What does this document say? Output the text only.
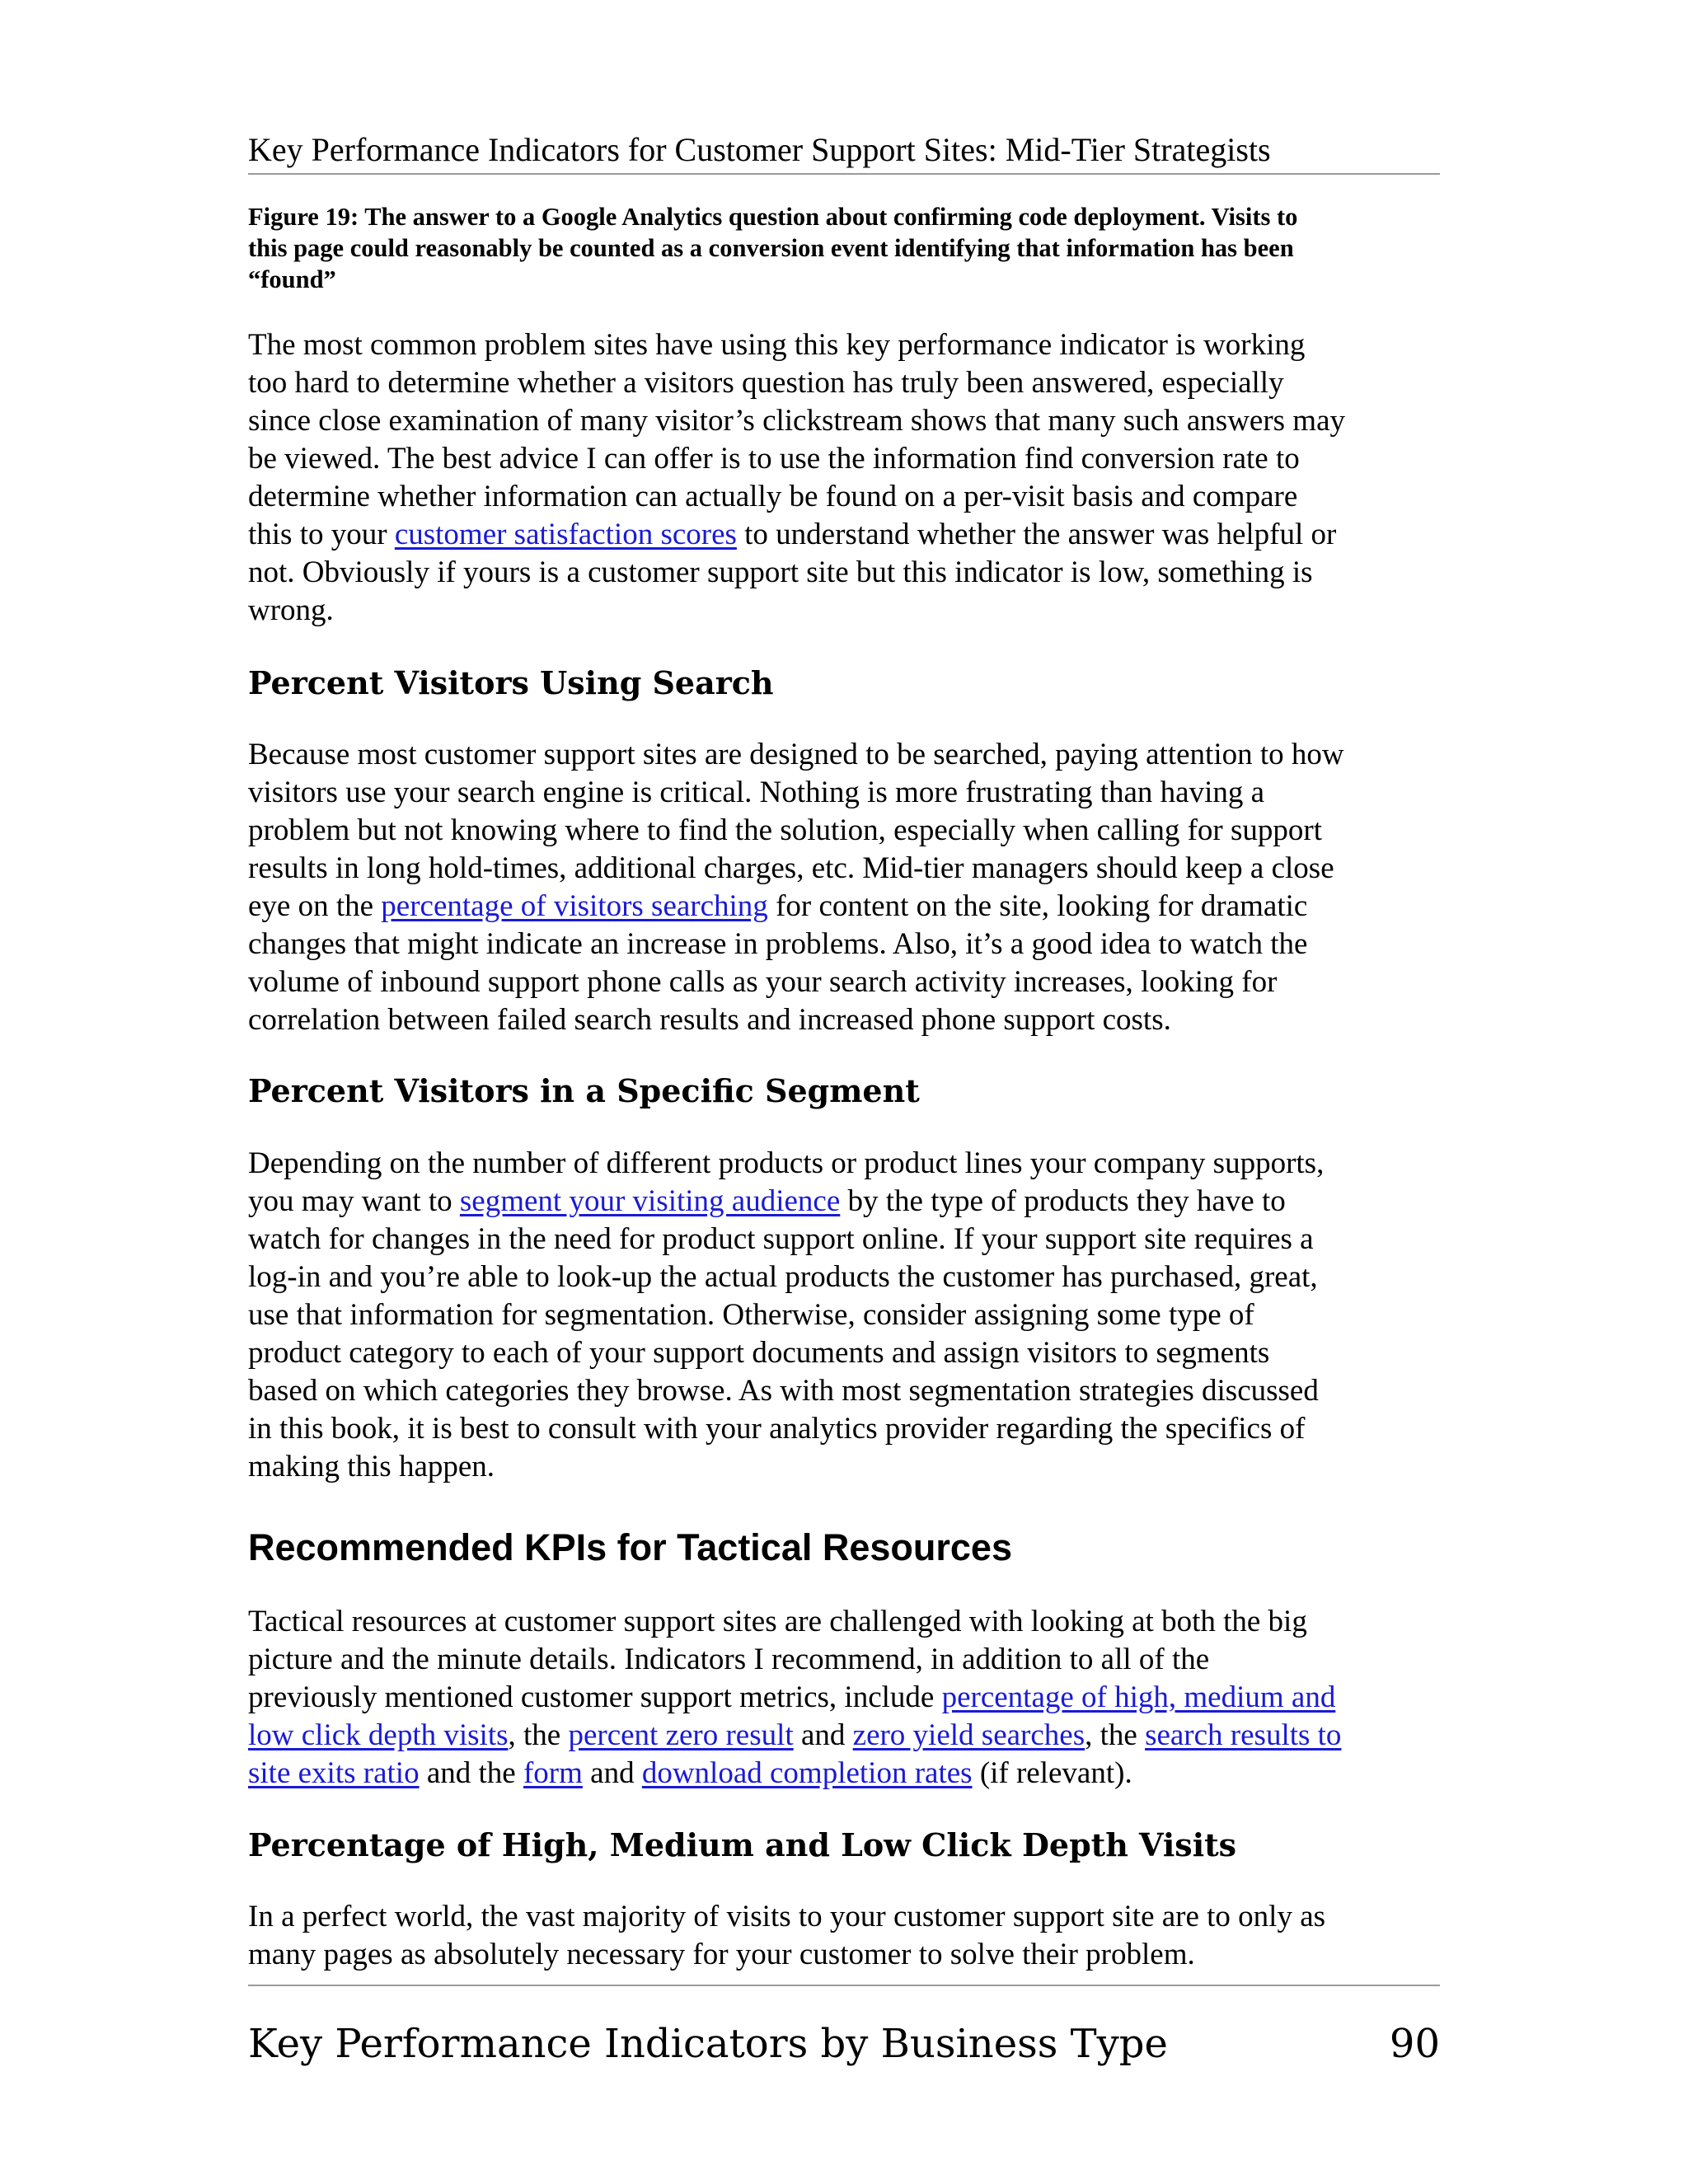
Key Performance Indicators for Customer Support Sites: Mid-Tier Strategists

Figure 19: The answer to a Google Analytics question about confirming code deployment. Visits to

this page could reasonably be counted as a conversion event identifying that information has been

“found”

The most common problem sites have using this key performance indicator is working
too hard to determine whether a visitors question has truly been answered, especially
since close examination of many visitor’s clickstream shows that many such answers may
be viewed. The best advice I can offer is to use the information find conversion rate to
determine whether information can actually be found on a per-visit basis and compare
this to your customer satisfaction scores to understand whether the answer was helpful or
not. Obviously if yours is a customer support site but this indicator is low, something is
wrong.

Percent Visitors Using Search

Because most customer support sites are designed to be searched, paying attention to how
visitors use your search engine is critical. Nothing is more frustrating than having a
problem but not knowing where to find the solution, especially when calling for support
results in long hold-times, additional charges, etc. Mid-tier managers should keep a close
eye on the percentage of visitors searching for content on the site, looking for dramatic
changes that might indicate an increase in problems. Also, it’s a good idea to watch the
volume of inbound support phone calls as your search activity increases, looking for
correlation between failed search results and increased phone support costs.

Percent Visitors in a Specific Segment

Depending on the number of different products or product lines your company supports,
you may want to segment your visiting audience by the type of products they have to
watch for changes in the need for product support online. If your support site requires a
log-in and you’re able to look-up the actual products the customer has purchased, great,
use that information for segmentation. Otherwise, consider assigning some type of
product category to each of your support documents and assign visitors to segments
based on which categories they browse. As with most segmentation strategies discussed
in this book, it is best to consult with your analytics provider regarding the specifics of
making this happen.

Recommended KPIs for Tactical Resources

Tactical resources at customer support sites are challenged with looking at both the big
picture and the minute details. Indicators I recommend, in addition to all of the
previously mentioned customer support metrics, include percentage of high, medium and
low click depth visits, the percent zero result and zero yield searches, the search results to
site exits ratio and the form and download completion rates (if relevant).

Percentage of High, Medium and Low Click Depth Visits

In a perfect world, the vast majority of visits to your customer support site are to only as
many pages as absolutely necessary for your customer to solve their problem.

Key Performance Indicators by Business Type	90
